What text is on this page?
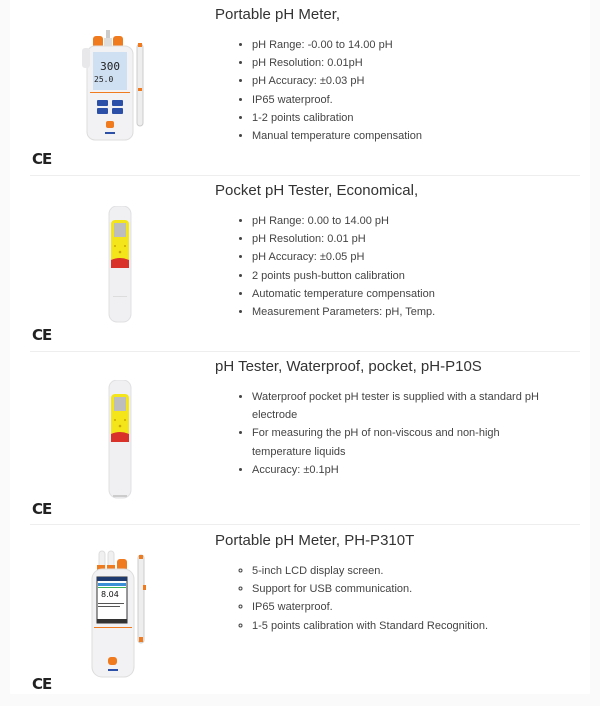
300
25.0
CE
Portable pH Meter,
• pH Range: -0.00 to 14.00 pH
• pH Resolution: 0.01pH
• pH Accuracy: ±0.03 pH
• IP65 waterproof.
• 1-2 points calibration
• Manual temperature compensation
CE
Pocket pH Tester, Economical,
• pH Range: 0.00 to 14.00 pH
• pH Resolution: 0.01 pH
• pH Accuracy: ±0.05 pH
• 2 points push-button calibration
• Automatic temperature compensation
• Measurement Parameters: pH, Temp.
CE
pH Tester, Waterproof, pocket, pH-P10S
• Waterproof pocket pH tester is supplied with a standard pH electrode
• For measuring the pH of non-viscous and non-high temperature liquids
• Accuracy: ±0.1pH
8.04
CE
Portable pH Meter, PH-P310T
◦ 5-inch LCD display screen.
◦ Support for USB communication.
◦ IP65 waterproof.
◦ 1-5 points calibration with Standard Recognition.
